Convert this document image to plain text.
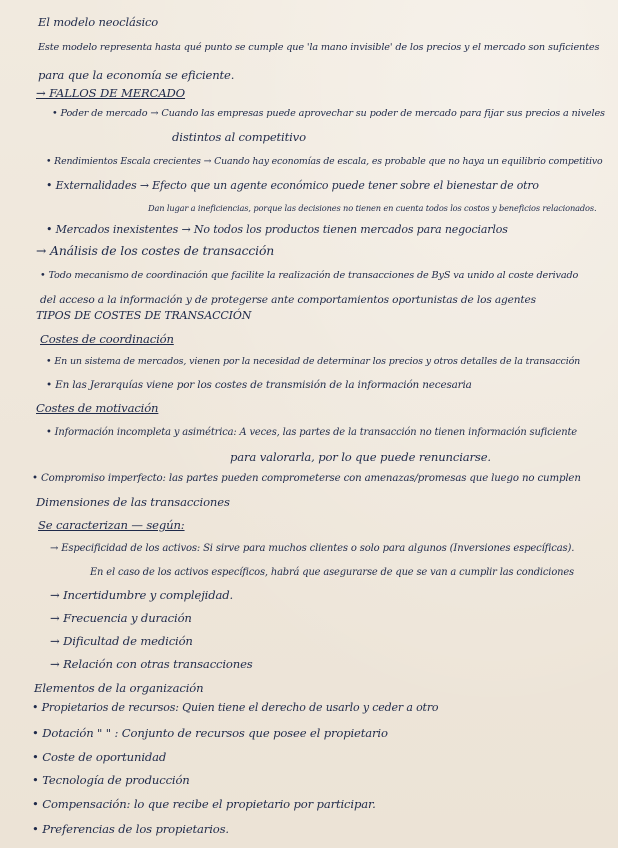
El modelo neoclásico
Este modelo representa hasta qué punto se cumple que 'la mano invisible' de los precios y el mercado son suficientes
para que la economía se eficiente.
→ FALLOS DE MERCADO
• Poder de mercado → Cuando las empresas puede aprovechar su poder de mercado para fijar sus precios a niveles
distintos al competitivo
• Rendimientos Escala crecientes → Cuando hay economías de escala, es probable que no haya un equilibrio competitivo
• Externalidades → Efecto que un agente económico puede tener sobre el bienestar de otro
Dan lugar a ineficiencias, porque las decisiones no tienen en cuenta todos los costos y beneficios relacionados.
• Mercados inexistentes → No todos los productos tienen mercados para negociarlos
→ Análisis de los costes de transacción
• Todo mecanismo de coordinación que facilite la realización de transacciones de ByS va unido al coste derivado
del acceso a la información y de protegerse ante comportamientos oportunistas de los agentes
TIPOS DE COSTES DE TRANSACCIÓN
Costes de coordinación
• En un sistema de mercados, vienen por la necesidad de determinar los precios y otros detalles de la transacción
• En las Jerarquías viene por los costes de transmisión de la información necesaria
Costes de motivación
• Información incompleta y asimétrica: A veces, las partes de la transacción no tienen información suficiente
para valorarla, por lo que puede renunciarse.
• Compromiso imperfecto: las partes pueden comprometerse con amenazas/promesas que luego no cumplen
Dimensiones de las transacciones
Se caracterizan — según:
→ Especificidad de los activos: Si sirve para muchos clientes o solo para algunos (Inversiones específicas).
En el caso de los activos específicos, habrá que asegurarse de que se van a cumplir las condiciones
→ Incertidumbre y complejidad.
→ Frecuencia y duración
→ Dificultad de medición
→ Relación con otras transacciones
Elementos de la organización
• Propietarios de recursos: Quien tiene el derecho de usarlo y ceder a otro
• Dotación " " : Conjunto de recursos que posee el propietario
• Coste de oportunidad
• Tecnología de producción
• Compensación: lo que recibe el propietario por participar.
• Preferencias de los propietarios.
